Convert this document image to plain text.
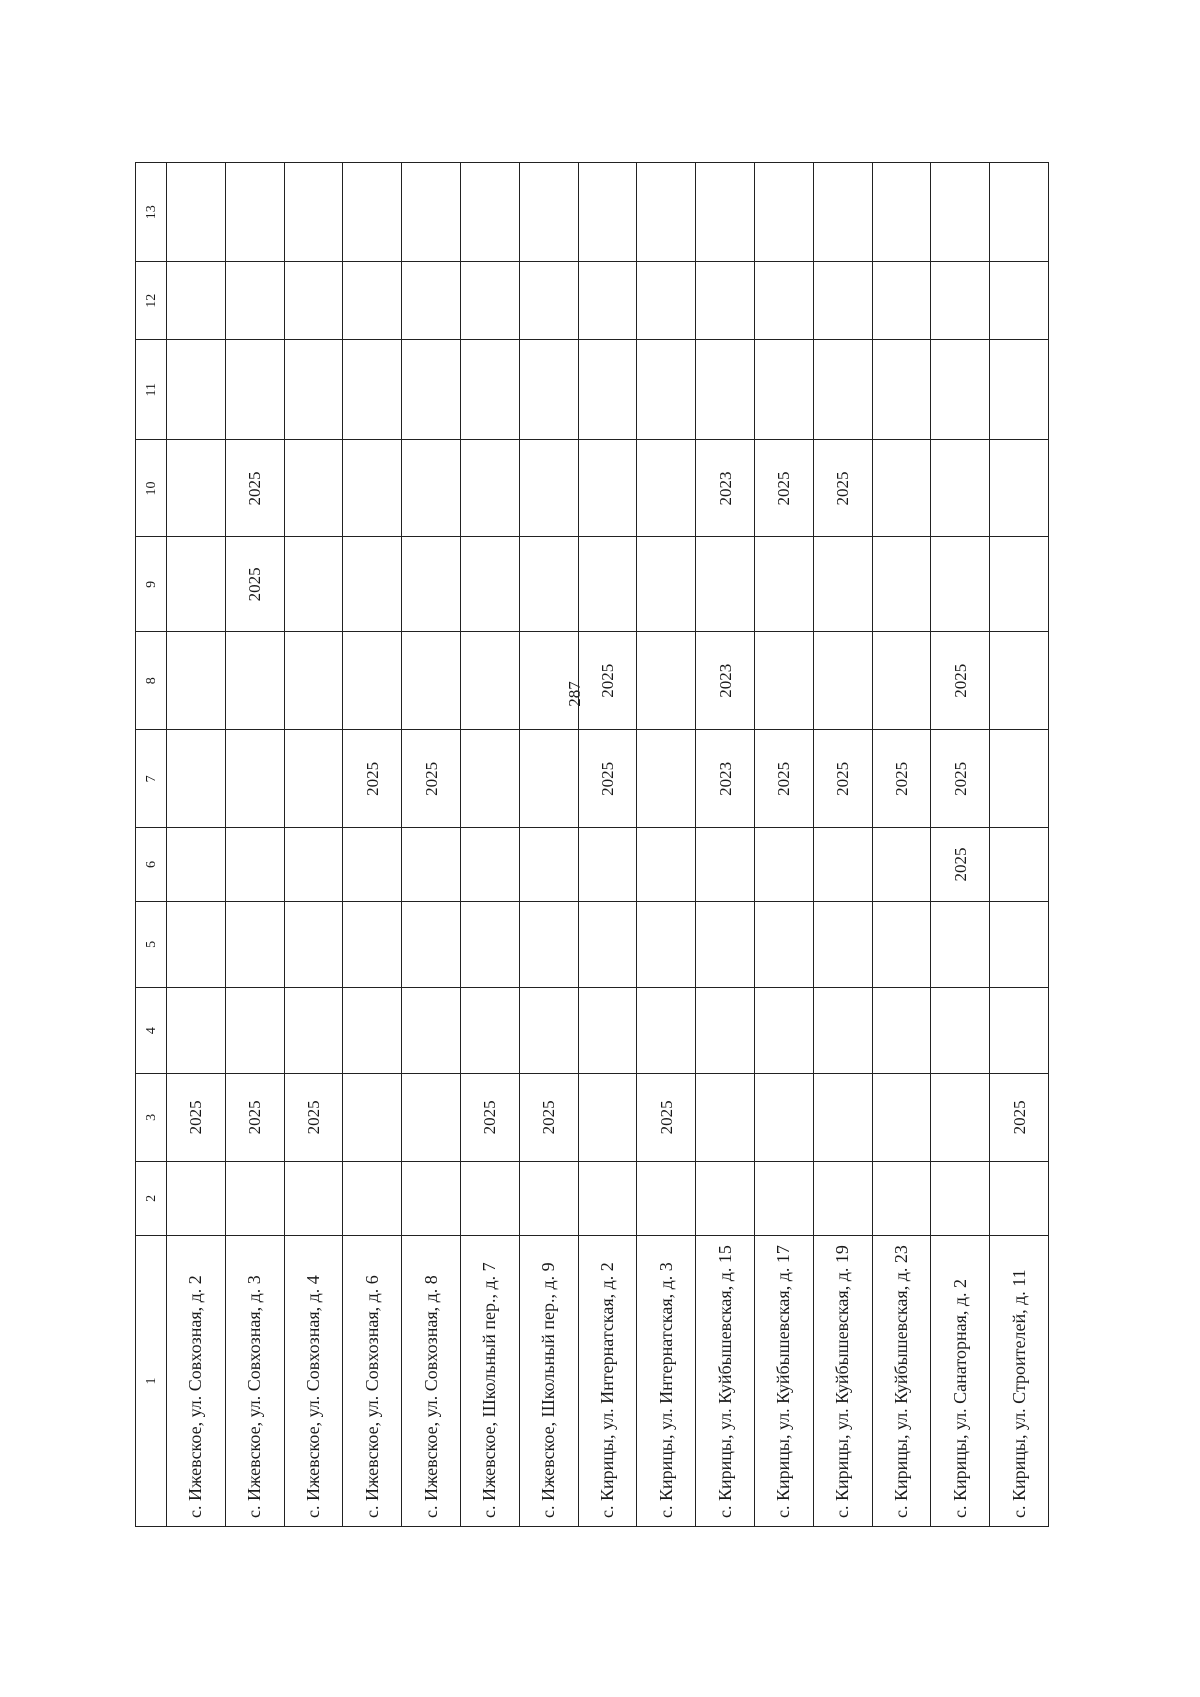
287
1	2	3	4	5	6	7	8	9	10	11	12	13
с. Ижевское, ул. Совхозная, д. 2		2025										
с. Ижевское, ул. Совхозная, д. 3		2025						2025	2025			
с. Ижевское, ул. Совхозная, д. 4		2025										
с. Ижевское, ул. Совхозная, д. 6						2025						
с. Ижевское, ул. Совхозная, д. 8						2025						
с. Ижевское, Школьный пер., д. 7		2025										
с. Ижевское, Школьный пер., д. 9		2025										
с. Кирицы, ул. Интернатская, д. 2						2025	2025					
с. Кирицы, ул. Интернатская, д. 3		2025										
с. Кирицы, ул. Куйбышевская, д. 15						2023	2023		2023			
с. Кирицы, ул. Куйбышевская, д. 17						2025			2025			
с. Кирицы, ул. Куйбышевская, д. 19						2025			2025			
с. Кирицы, ул. Куйбышевская, д. 23						2025						
с. Кирицы, ул. Санаторная, д. 2					2025	2025	2025					
с. Кирицы, ул. Строителей, д. 11		2025										
